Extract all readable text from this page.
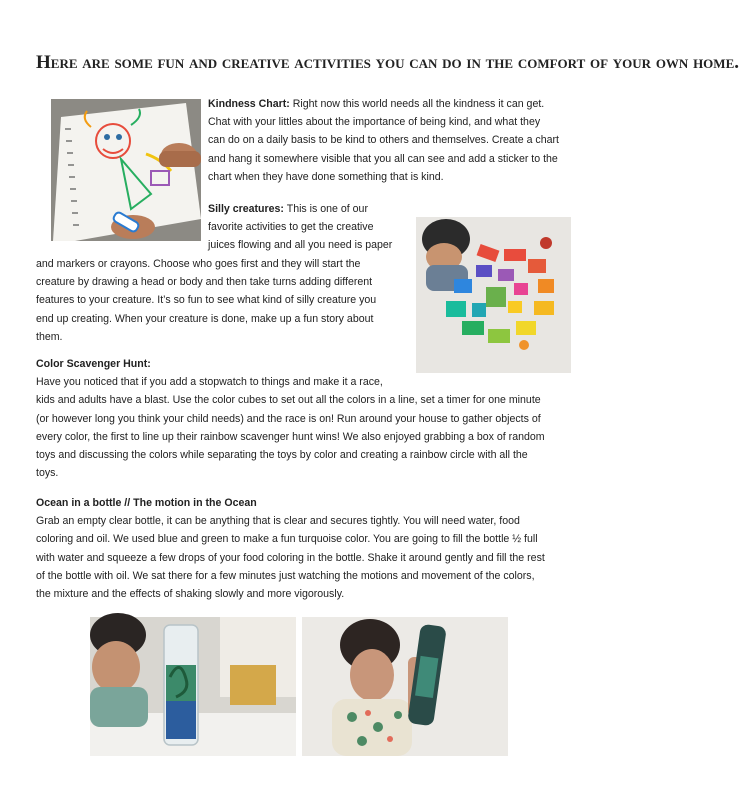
Here are some fun and creative activities you can do in the comfort of your own home.

Kindness Chart: Right now this world needs all the kindness it can get.
Chat with your littles about the importance of being kind, and what they
can do on a daily basis to be kind to others and themselves. Create a chart
and hang it somewhere visible that you all can see and add a sticker to the
chart when they have done something that is kind.

Silly creatures: This is one of our
favorite activities to get the creative
juices flowing and all you need is paper

and markers or crayons. Choose who goes first and they will start the
creature by drawing a head or body and then take turns adding different
features to your creature. It’s so fun to see what kind of silly creature you
end up creating. When your creature is done, make up a fun story about
them.

Color Scavenger Hunt:
Have you noticed that if you add a stopwatch to things and make it a race,
kids and adults have a blast. Use the color cubes to set out all the colors in a line, set a timer for one minute
(or however long you think your child needs) and the race is on! Run around your house to gather objects of
every color, the first to line up their rainbow scavenger hunt wins! We also enjoyed grabbing a box of random
toys and discussing the colors while separating the toys by color and creating a rainbow circle with all the
toys.

Ocean in a bottle // The motion in the Ocean
Grab an empty clear bottle, it can be anything that is clear and secures tightly. You will need water, food
coloring and oil. We used blue and green to make a fun turquoise color. You are going to fill the bottle ½ full
with water and squeeze a few drops of your food coloring in the bottle. Shake it around gently and fill the rest
of the bottle with oil. We sat there for a few minutes just watching the motions and movement of the colors,
the mixture and the effects of shaking slowly and more vigorously.
